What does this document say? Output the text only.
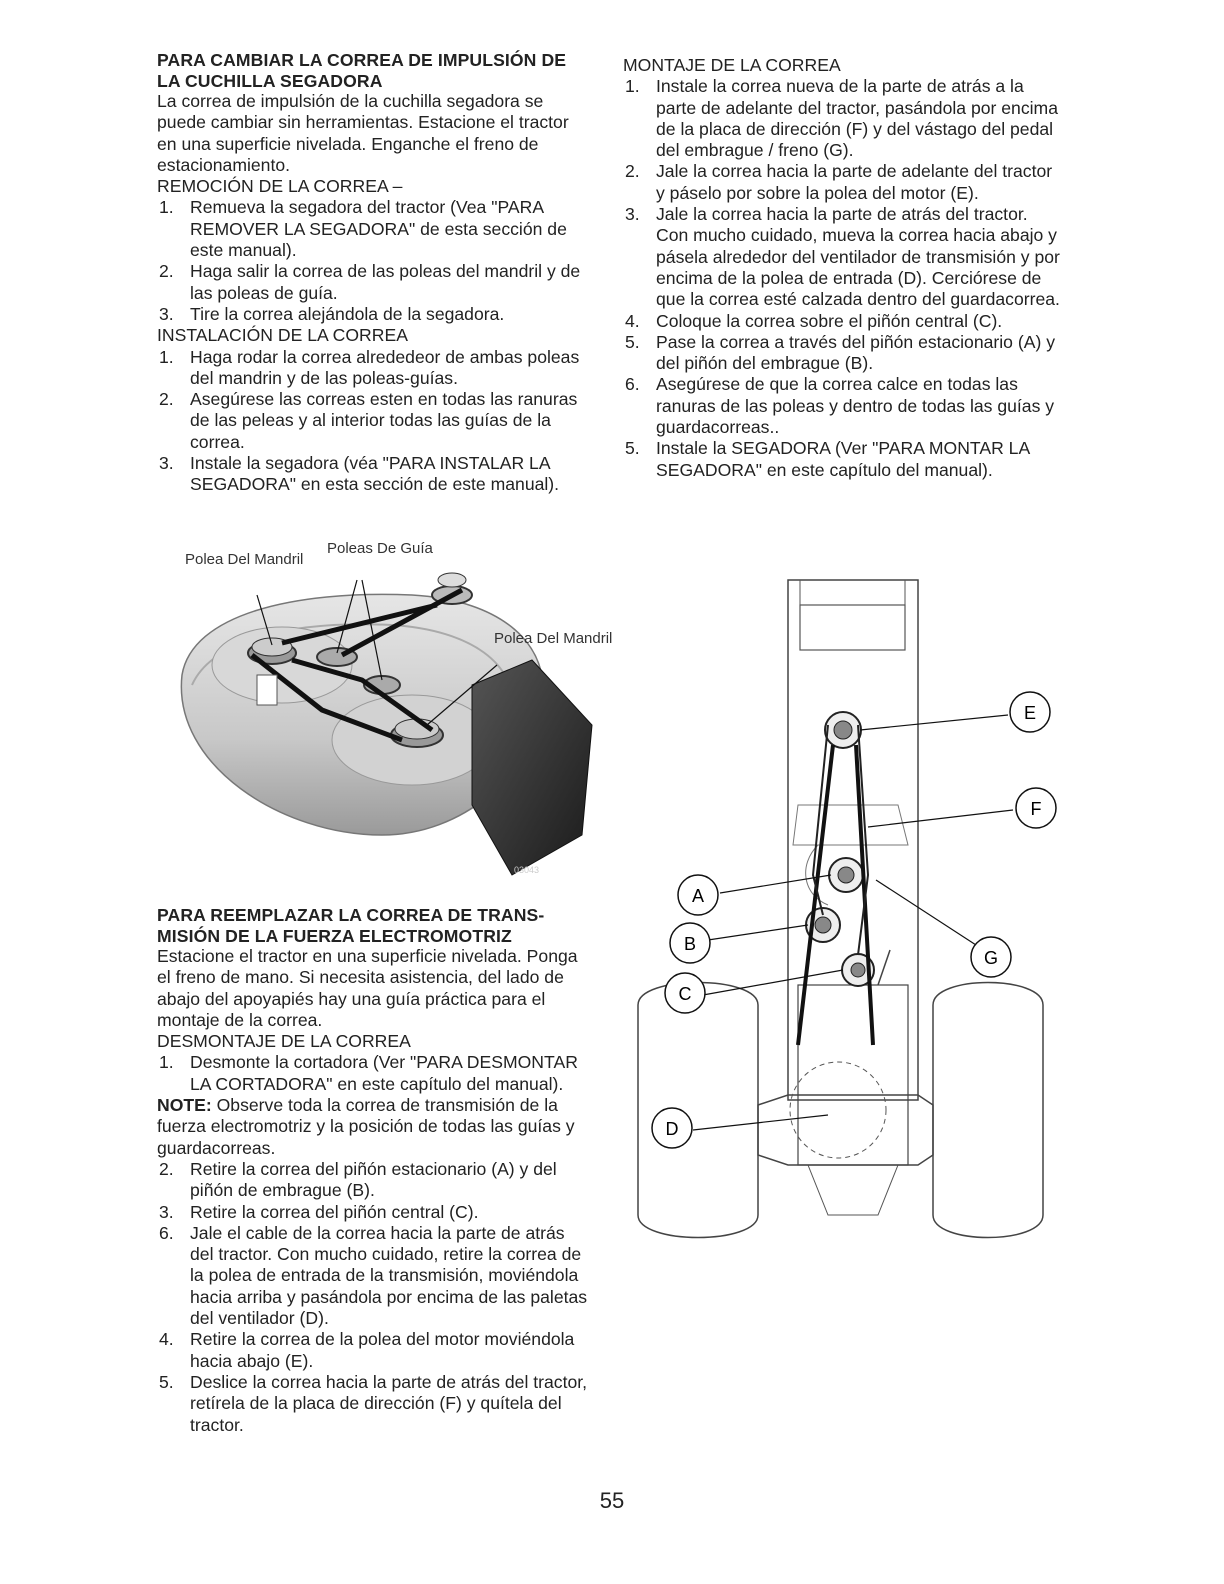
PARA CAMBIAR LA CORREA DE IMPULSIÓN DE LA CUCHILLA SEGADORA

La correa de impulsión de la cuchilla segadora se puede cambiar sin herramientas. Estacione el tractor en una superficie nivelada. Enganche el freno de estacionamiento.

REMOCIÓN DE LA CORREA –

1. Remueva la segadora del tractor (Vea "PARA REMOVER LA SEGADORA" de esta sección de este manual).
2. Haga salir la correa de las poleas del mandril y de las poleas de guía.
3. Tire la correa alejándola de la segadora.

INSTALACIÓN DE LA CORREA

1. Haga rodar la correa alrededeor de ambas poleas del mandrin y de las poleas-guías.
2. Asegúrese las correas esten en todas las ranuras de las peleas y al interior todas las guías de la correa.
3. Instale la segadora (véa "PARA INSTALAR LA SEGADORA" en esta sección de este manual).
Polea Del Mandril
Poleas De Guía
Polea Del Mandril
03043
PARA REEMPLAZAR LA CORREA DE TRANSMISIÓN DE LA FUERZA ELECTROMOTRIZ

Estacione el tractor en una superficie nivelada. Ponga el freno de mano. Si necesita asistencia, del lado de abajo del apoyapiés hay una guía práctica para el montaje de la correa.

DESMONTAJE DE LA CORREA

1. Desmonte la cortadora (Ver "PARA DESMONTAR LA CORTADORA" en este capítulo del manual).

NOTE: Observe toda la correa de transmisión de la fuerza electromotriz y la posición de todas las guías y guardacorreas.

2. Retire la correa del piñón estacionario (A) y del piñón de embrague (B).
3. Retire la correa del piñón central (C).
6. Jale el cable de la correa hacia la parte de atrás del tractor. Con mucho cuidado, retire la correa de la polea de entrada de la transmisión, moviéndola hacia arriba y pasándola por encima de las paletas del ventilador (D).
4. Retire la correa de la polea del motor moviéndola hacia abajo (E).
5. Deslice la correa hacia la parte de atrás del tractor, retírela de la placa de dirección (F) y quítela del tractor.

MONTAJE DE LA CORREA

1. Instale la correa nueva de la parte de atrás a la parte de adelante del tractor, pasándola por encima de la placa de dirección (F) y del vástago del pedal del embrague / freno (G).
2. Jale la correa hacia la parte de adelante del tractor y páselo por sobre la polea del motor (E).
3. Jale la correa hacia la parte de atrás del tractor. Con mucho cuidado, mueva la correa hacia abajo y pásela alrededor del ventilador de transmisión y por encima de la polea de entrada (D). Cerciórese de que la correa esté calzada dentro del guardacorrea.
4. Coloque la correa sobre el piñón central (C).
5. Pase la correa a través del piñón estacionario (A) y del piñón del embrague (B).
6. Asegúrese de que la correa calce en todas las ranuras de las poleas y dentro de todas las guías y guardacorreas..
5. Instale la SEGADORA (Ver "PARA MONTAR LA SEGADORA" en este capítulo del manual).
E
F
A
G
B
C
D
55
